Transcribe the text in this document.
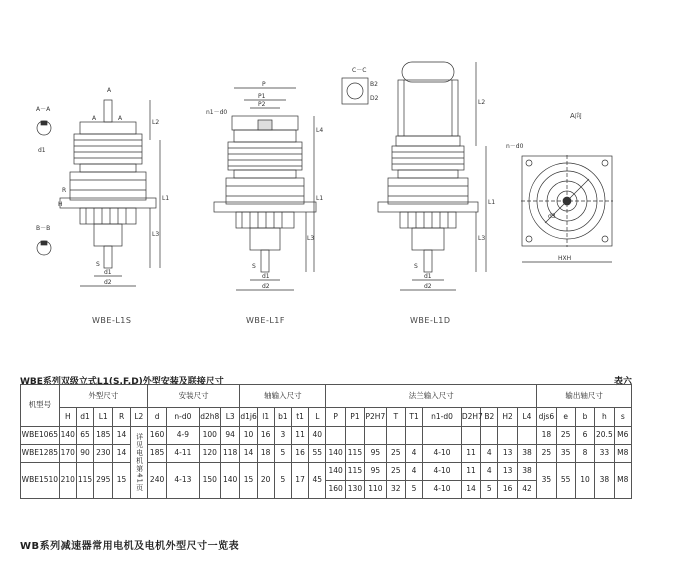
A－A
d1
B－B
A
A	A
R
H
L2
L1
L3
d2
d1
S
P
P1
P2
n1－d0
L4
L1
L3
d2
d1
S
C－C
B2
D2
L2
L1
L3
d2
d1
S
A向
n－d0
d3
HXH
WBE-L1S	WBE-L1F	WBE-L1D
WBE系列双级立式L1(S.F.D)外型安装及联接尺寸	表六
机型号	外型尺寸					安装尺寸				轴输入尺寸					法兰输入尺寸										输出轴尺寸				
	H	d1	L1	R	L2	d	n-d0	d2h8	L3	d1j6	l1	b1	t1	L	P	P1	P2H7	T	T1	n1-d0	D2H7	B2	H2	L4	djs6	e	b	h	s
WBE1065	140	65	185	14	详见电机第41页	160	4-9	100	94	10	16	3	11	40											18	25	6	20.5	M6
WBE1285	170	90	230	14		185	4-11	120	118	14	18	5	16	55	140	115	95	25	4	4-10	11	4	13	38	25	35	8	33	M8
WBE1510	210	115	295	15		240	4-13	150	140	15	20	5	17	45	140	115	95	25	4	4-10	11	4	13	38	35	55	10	38	M8
															160	130	110	32	5	4-10	14	5	16	42					
WB系列减速器常用电机及电机外型尺寸一览表
